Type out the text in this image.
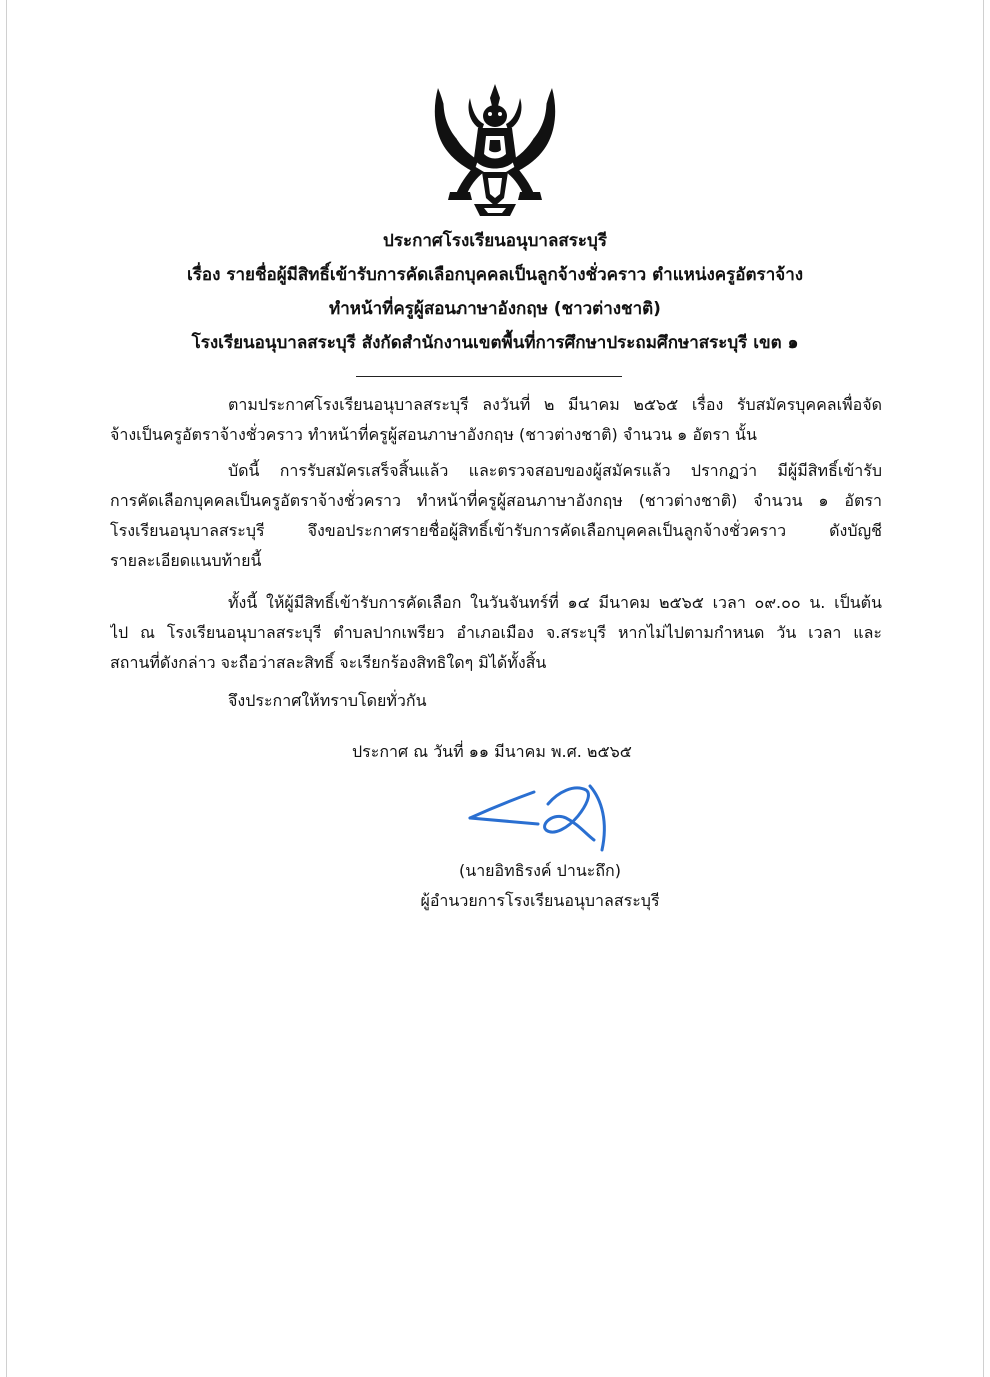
ประกาศโรงเรียนอนุบาลสระบุรี
เรื่อง รายชื่อผู้มีสิทธิ์เข้ารับการคัดเลือกบุคคลเป็นลูกจ้างชั่วคราว ตำแหน่งครูอัตราจ้าง
ทำหน้าที่ครูผู้สอนภาษาอังกฤษ (ชาวต่างชาติ)
โรงเรียนอนุบาลสระบุรี สังกัดสำนักงานเขตพื้นที่การศึกษาประถมศึกษาสระบุรี เขต ๑
ตามประกาศโรงเรียนอนุบาลสระบุรี ลงวันที่ ๒ มีนาคม ๒๕๖๕ เรื่อง รับสมัครบุคคลเพื่อจัด
จ้างเป็นครูอัตราจ้างชั่วคราว ทำหน้าที่ครูผู้สอนภาษาอังกฤษ (ชาวต่างชาติ) จำนวน ๑ อัตรา นั้น
บัดนี้ การรับสมัครเสร็จสิ้นแล้ว และตรวจสอบของผู้สมัครแล้ว ปรากฏว่า มีผู้มีสิทธิ์เข้ารับ
การคัดเลือกบุคคลเป็นครูอัตราจ้างชั่วคราว ทำหน้าที่ครูผู้สอนภาษาอังกฤษ (ชาวต่างชาติ) จำนวน ๑ อัตรา
โรงเรียนอนุบาลสระบุรี จึงขอประกาศรายชื่อผู้สิทธิ์เข้ารับการคัดเลือกบุคคลเป็นลูกจ้างชั่วคราว ดังบัญชี
รายละเอียดแนบท้ายนี้
ทั้งนี้ ให้ผู้มีสิทธิ์เข้ารับการคัดเลือก ในวันจันทร์ที่ ๑๔ มีนาคม ๒๕๖๕ เวลา ๐๙.๐๐ น. เป็นต้น
ไป ณ โรงเรียนอนุบาลสระบุรี ตำบลปากเพรียว อำเภอเมือง จ.สระบุรี หากไม่ไปตามกำหนด วัน เวลา และ
สถานที่ดังกล่าว จะถือว่าสละสิทธิ์ จะเรียกร้องสิทธิใดๆ มิได้ทั้งสิ้น
จึงประกาศให้ทราบโดยทั่วกัน
ประกาศ ณ วันที่ ๑๑ มีนาคม พ.ศ. ๒๕๖๕
(นายอิทธิรงค์ ปานะถึก)
ผู้อำนวยการโรงเรียนอนุบาลสระบุรี
